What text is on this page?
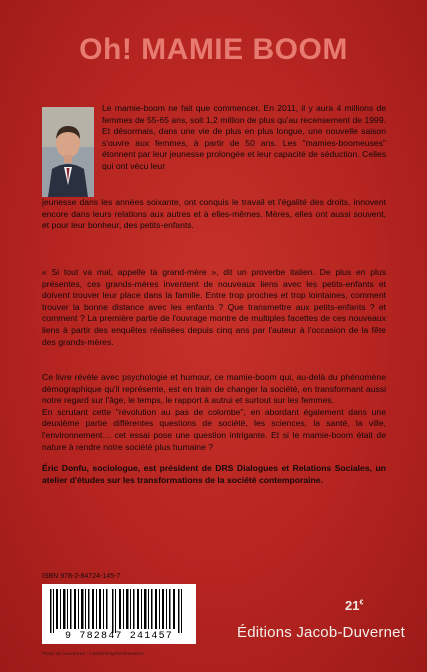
Oh! MAMIE BOOM
Le mamie-boom ne fait que commencer. En 2011, il y aura 4 millions de femmes de 55-65 ans, soit 1,2 million de plus qu'au recensement de 1999. Et désormais, dans une vie de plus en plus longue, une nouvelle saison s'ouvre aux femmes, à partir de 50 ans. Les "mamies-boomeuses" étonnent par leur jeunesse prolongée et leur capacité de séduction. Celles qui ont vécu leur
jeunesse dans les années soixante, ont conquis le travail et l'égalité des droits, innovent encore dans leurs relations aux autres et à elles-mêmes. Mères, elles ont aussi souvent, et pour leur bonheur, des petits-enfants.
« Si tout va mal, appelle ta grand-mère », dit un proverbe italien. De plus en plus présentes, ces grands-mères inventent de nouveaux liens avec les petits-enfants et doivent trouver leur place dans la famille. Entre trop proches et trop lointaines, comment trouver la bonne distance avec les enfants ? Que transmettre aux petits-enfants ? et comment ? La première partie de l'ouvrage montre de multiples facettes de ces nouveaux liens à partir des enquêtes réalisées depuis cinq ans par l'auteur à l'occasion de la fête des grands-mères.
Ce livre révèle avec psychologie et humour, ce mamie-boom qui, au-delà du phénomène démographique qu'il représente, est en train de changer la société, en transformant aussi notre regard sur l'âge, le temps, le rapport à autrui et surtout sur les femmes.
En scrutant cette "révolution au pas de colombe", en abordant également dans une deuxième partie différentes questions de société, les sciences, la santé, la ville, l'environnement… cet essai pose une question intrigante. Et si le mamie-boom était de nature à rendre notre société plus humaine ?
Éric Donfu, sociologue, est président de DRS Dialogues et Relations Sociales, un atelier d'études sur les transformations de la société contemporaine.
ISBN 978-2-84724-145-7
9 782847 241457
Photo de couverture : Corbis/GraphicObsession
21€
Éditions Jacob-Duvernet
